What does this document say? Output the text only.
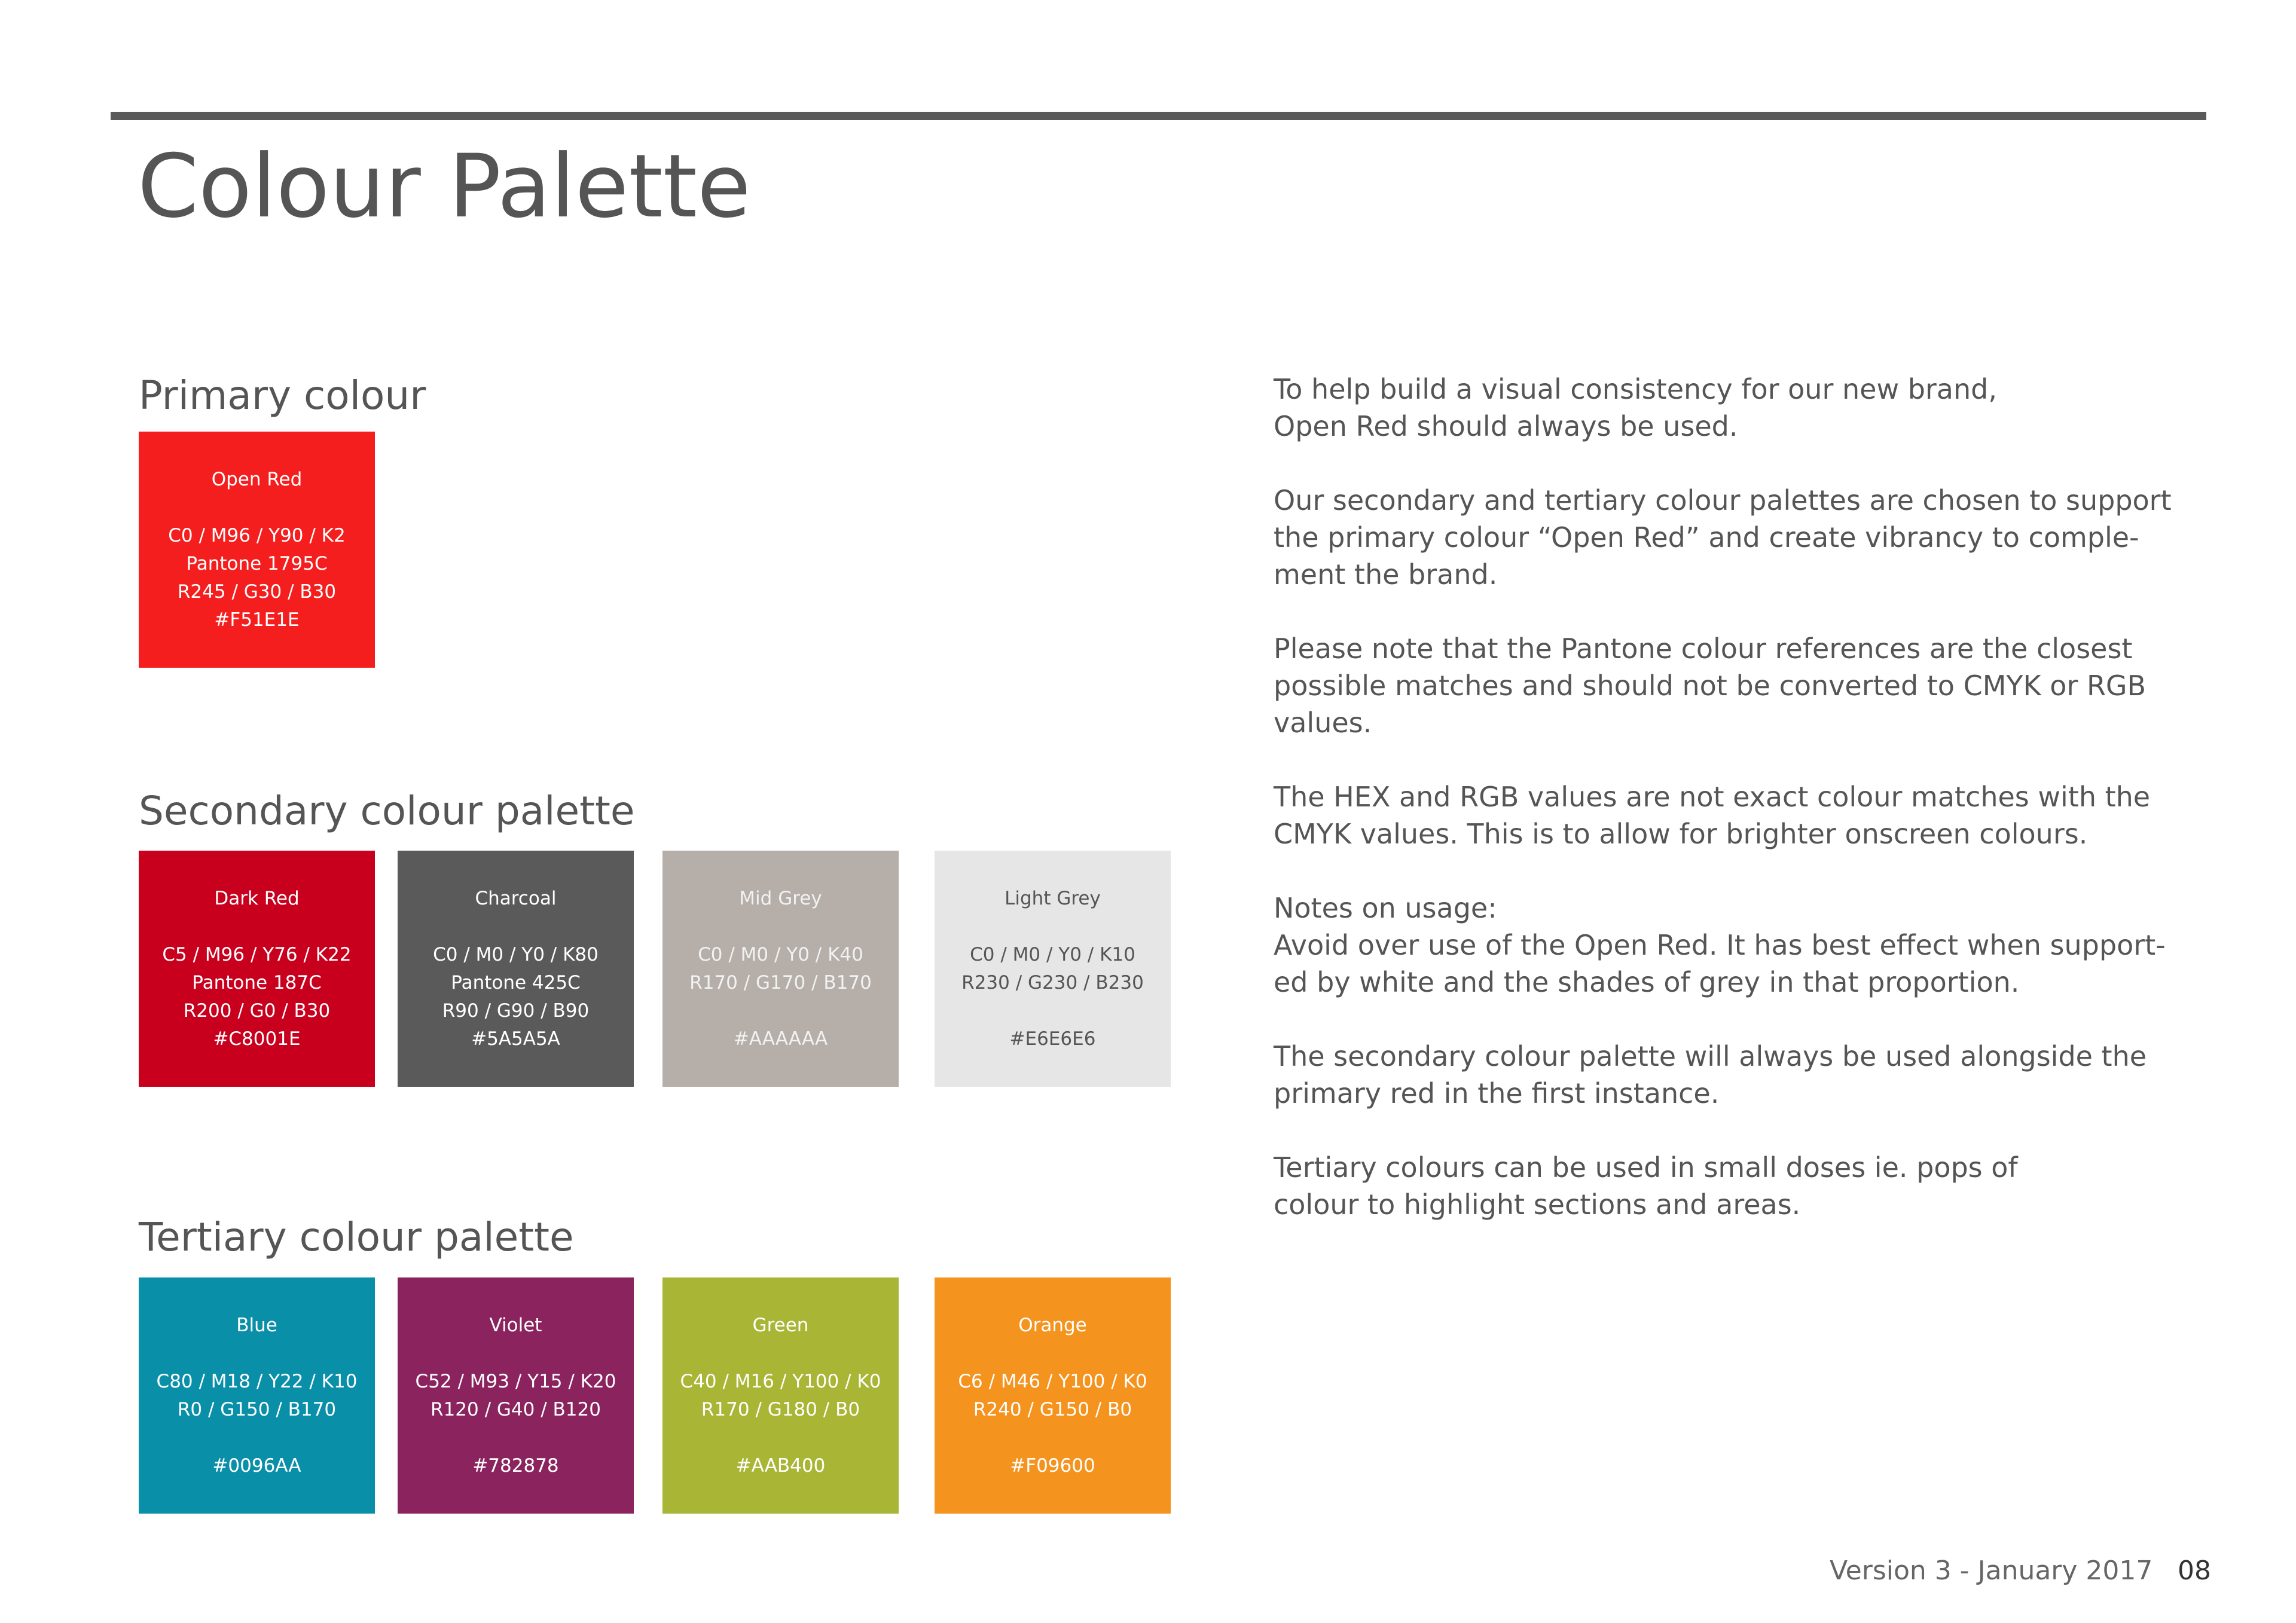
Colour Palette
Primary colour
Open Red
C0 / M96 / Y90 / K2
Pantone 1795C
R245 / G30 / B30
#F51E1E
Secondary colour palette
Dark Red
C5 / M96 / Y76 / K22
Pantone 187C
R200 / G0 / B30
#C8001E
Charcoal
C0 / M0 / Y0 / K80
Pantone 425C
R90 / G90 / B90
#5A5A5A
Mid Grey
C0 / M0 / Y0 / K40
R170 / G170 / B170
#AAAAAA
Light Grey
C0 / M0 / Y0 / K10
R230 / G230 / B230
#E6E6E6
Tertiary colour palette
Blue
C80 / M18 / Y22 / K10
R0 / G150 / B170
#0096AA
Violet
C52 / M93 / Y15 / K20
R120 / G40 / B120
#782878
Green
C40 / M16 / Y100 / K0
R170 / G180 / B0
#AAB400
Orange
C6 / M46 / Y100 / K0
R240 / G150 / B0
#F09600

To help build a visual consistency for our new brand,
Open Red should always be used.

Our secondary and tertiary colour palettes are chosen to support
the primary colour “Open Red” and create vibrancy to comple-
ment the brand.

Please note that the Pantone colour references are the closest
possible matches and should not be converted to CMYK or RGB
values.

The HEX and RGB values are not exact colour matches with the
CMYK values. This is to allow for brighter onscreen colours.

Notes on usage:
Avoid over use of the Open Red. It has best effect when support-
ed by white and the shades of grey in that proportion.

The secondary colour palette will always be used alongside the
primary red in the first instance.

Tertiary colours can be used in small doses ie. pops of
colour to highlight sections and areas.

Version 3 - January 2017 08
